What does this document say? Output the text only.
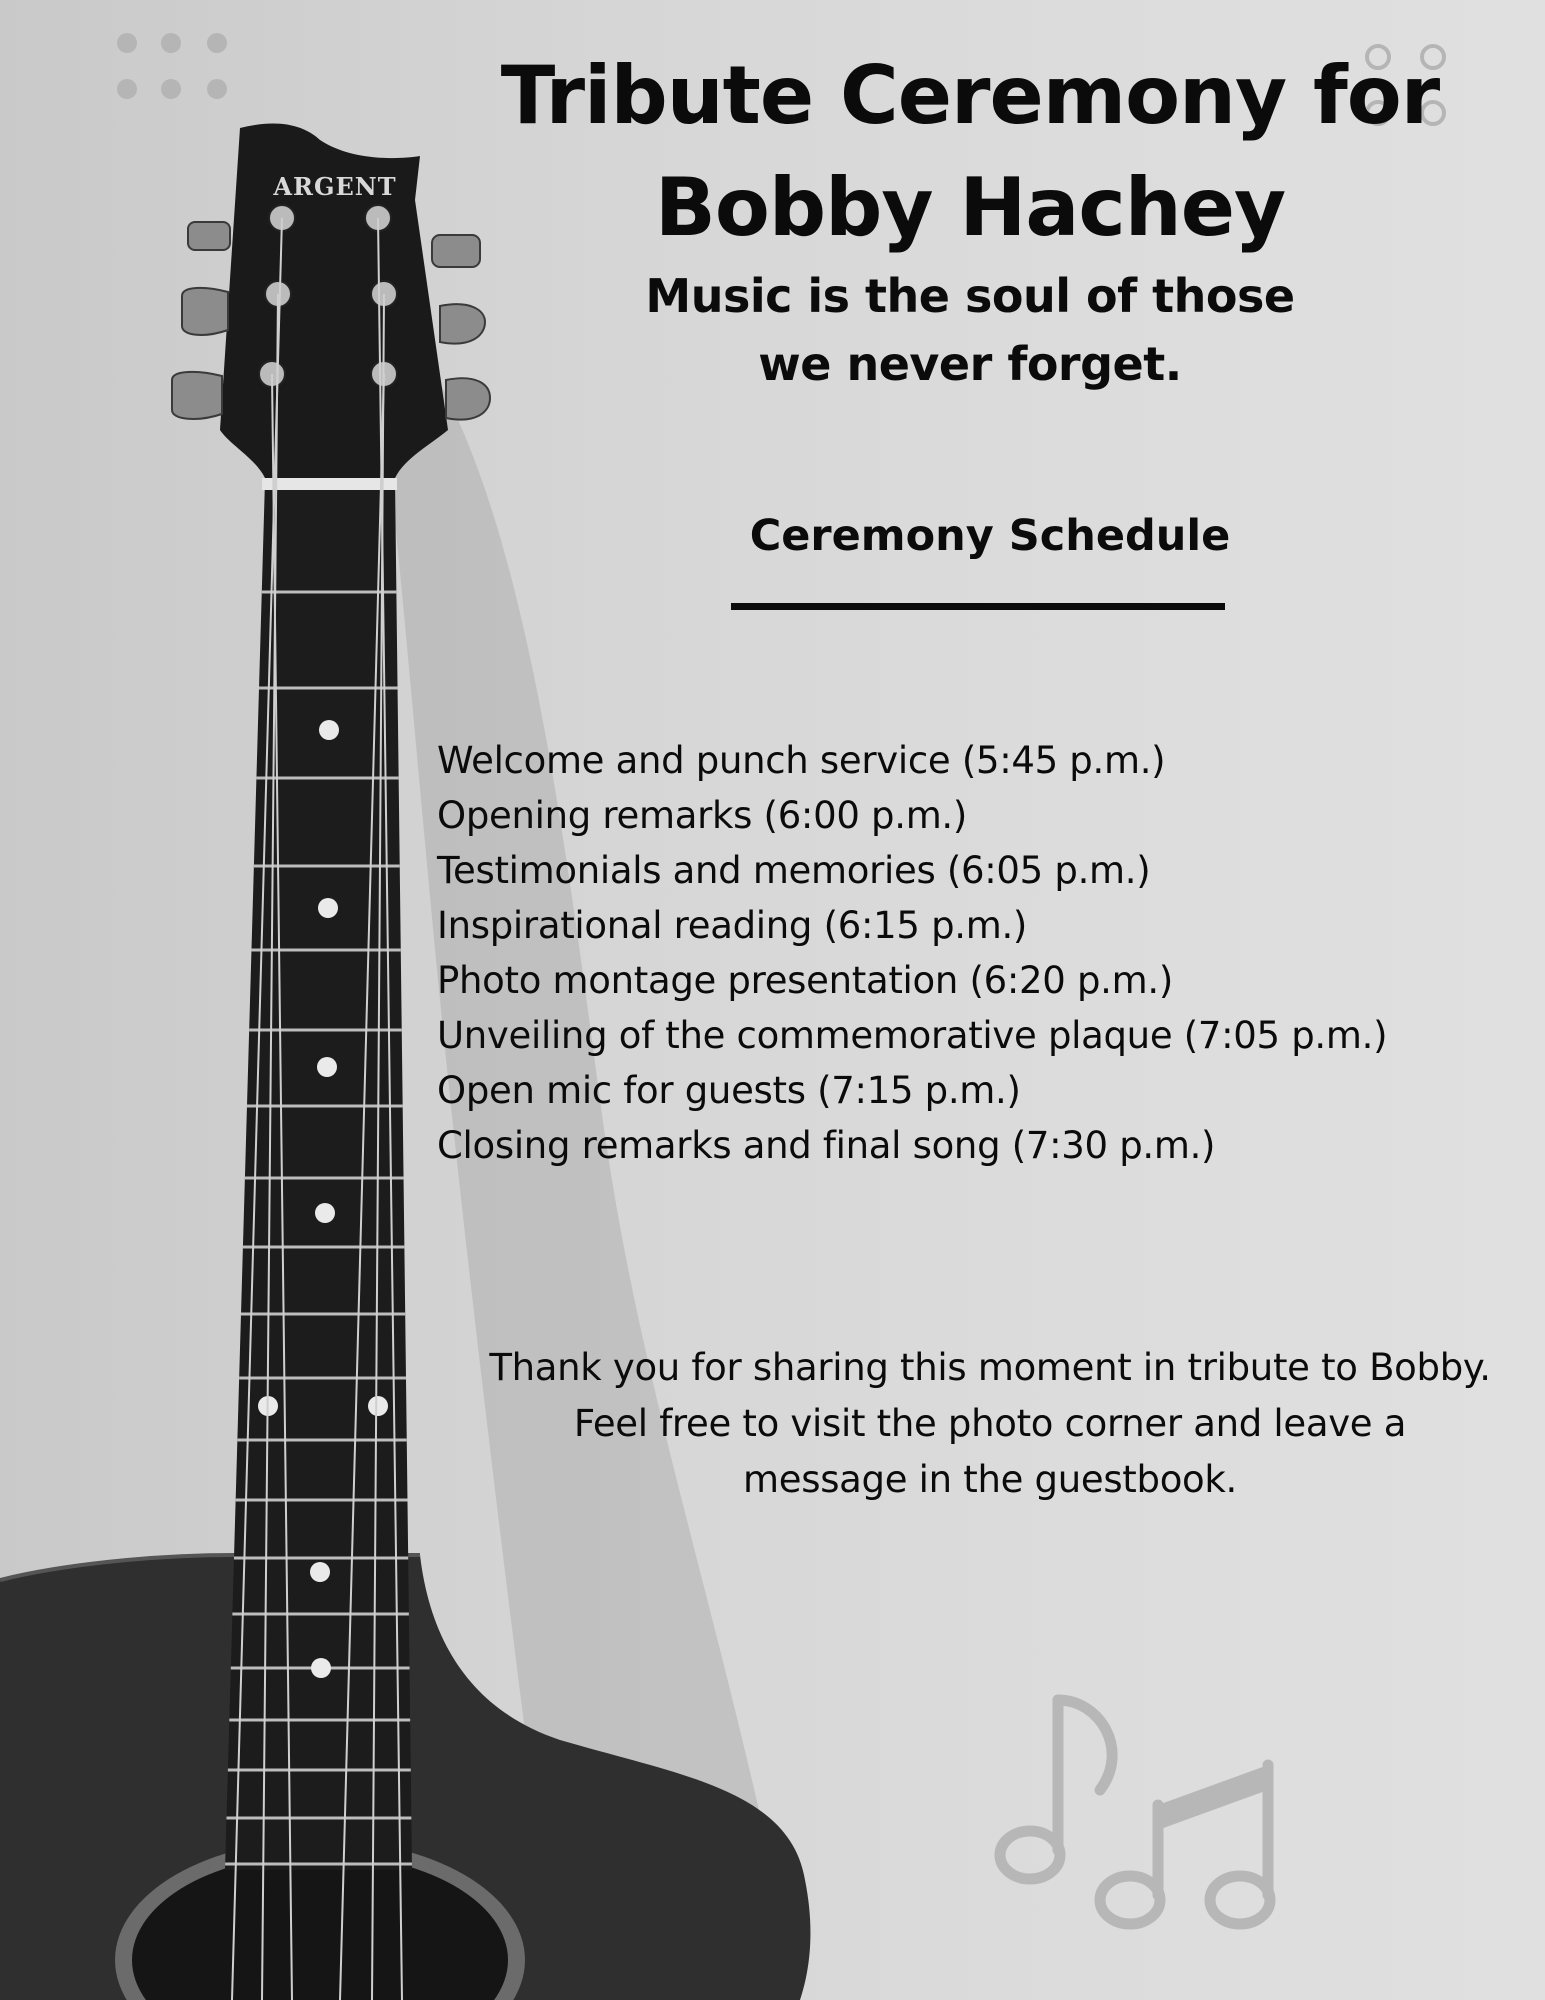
ARGENT
Tribute Ceremony for
Bobby Hachey
Music is the soul of those
we never forget.
Ceremony Schedule
Welcome and punch service (5:45 p.m.)
Opening remarks (6:00 p.m.)
Testimonials and memories (6:05 p.m.)
Inspirational reading (6:15 p.m.)
Photo montage presentation (6:20 p.m.)
Unveiling of the commemorative plaque (7:05 p.m.)
Open mic for guests (7:15 p.m.)
Closing remarks and final song (7:30 p.m.)
Thank you for sharing this moment in tribute to Bobby.
Feel free to visit the photo corner and leave a
message in the guestbook.
